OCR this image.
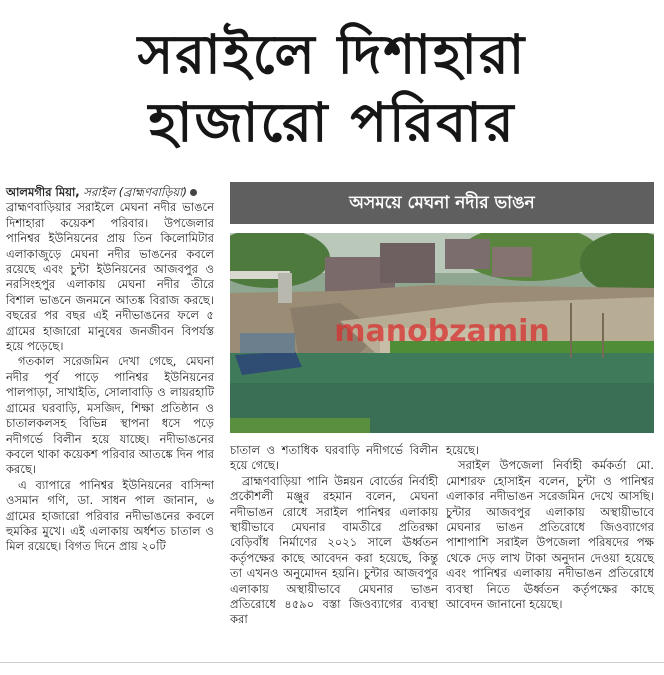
সরাইলে দিশাহারা
হাজারো পরিবার

আলমগীর মিয়া, সরাইল (ব্রাহ্মণবাড়িয়া)

ব্রাহ্মণবাড়িয়ার সরাইলে মেঘনা নদীর ভাঙনে দিশাহারা কয়েকশ পরিবার। উপজেলার পানিশ্বর ইউনিয়নের প্রায় তিন কিলোমিটার এলাকাজুড়ে মেঘনা নদীর ভাঙনের কবলে রয়েছে এবং চুন্টা ইউনিয়নের আজবপুর ও নরসিংহপুর এলাকায় মেঘনা নদীর তীরে বিশাল ভাঙনে জনমনে আতঙ্ক বিরাজ করছে। বছরের পর বছর এই নদীভাঙনের ফলে ৫ গ্রামের হাজারো মানুষের জনজীবন বিপর্যস্ত হয়ে পড়েছে।

গতকাল সরেজমিন দেখা গেছে, মেঘনা নদীর পূর্ব পাড়ে পানিশ্বর ইউনিয়নের পালপাড়া, সাখাইতি, সোলাবাড়ি ও লায়রহাটি গ্রামের ঘরবাড়ি, মসজিদ, শিক্ষা প্রতিষ্ঠান ও চাতালকলসহ বিভিন্ন স্থাপনা ধসে পড়ে নদীগর্ভে বিলীন হয়ে যাচ্ছে। নদীভাঙনের কবলে থাকা কয়েকশ পরিবার আতঙ্কে দিন পার করছে।

এ ব্যাপারে পানিশ্বর ইউনিয়নের বাসিন্দা ওসমান গণি, ডা. সাধন পাল জানান, ৬ গ্রামের হাজারো পরিবার নদীভাঙনের কবলে হুমকির মুখে। এই এলাকায় অর্ধশত চাতাল ও মিল রয়েছে। বিগত দিনে প্রায় ২০টি

অসময়ে মেঘনা নদীর ভাঙন
manobzamin

চাতাল ও শতাধিক ঘরবাড়ি নদীগর্ভে বিলীন হয়ে গেছে।

ব্রাহ্মণবাড়িয়া পানি উন্নয়ন বোর্ডের নির্বাহী প্রকৌশলী মঞ্জুর রহমান বলেন, মেঘনা নদীভাঙন রোধে সরাইল পানিশ্বর এলাকায় স্থায়ীভাবে মেঘনার বামতীরে প্রতিরক্ষা বেড়িবাঁধ নির্মাণের ২০২১ সালে ঊর্ধ্বতন কর্তৃপক্ষের কাছে আবেদন করা হয়েছে, কিন্তু তা এখনও অনুমোদন হয়নি। চুন্টার আজবপুর এলাকায় অস্থায়ীভাবে মেঘনার ভাঙন প্রতিরোধে ৪৫৯০ বস্তা জিওব্যাগের ব্যবস্থা করা

হয়েছে।

সরাইল উপজেলা নির্বাহী কর্মকর্তা মো. মোশারফ হোসাইন বলেন, চুন্টা ও পানিশ্বর এলাকার নদীভাঙন সরেজমিন দেখে আসছি। চুন্টার আজবপুর এলাকায় অস্থায়ীভাবে মেঘনার ভাঙন প্রতিরোধে জিওব্যাগের পাশাপাশি সরাইল উপজেলা পরিষদের পক্ষ থেকে দেড় লাখ টাকা অনুদান দেওয়া হয়েছে এবং পানিশ্বর এলাকায় নদীভাঙন প্রতিরোধে ব্যবস্থা নিতে ঊর্ধ্বতন কর্তৃপক্ষের কাছে আবেদন জানানো হয়েছে।
